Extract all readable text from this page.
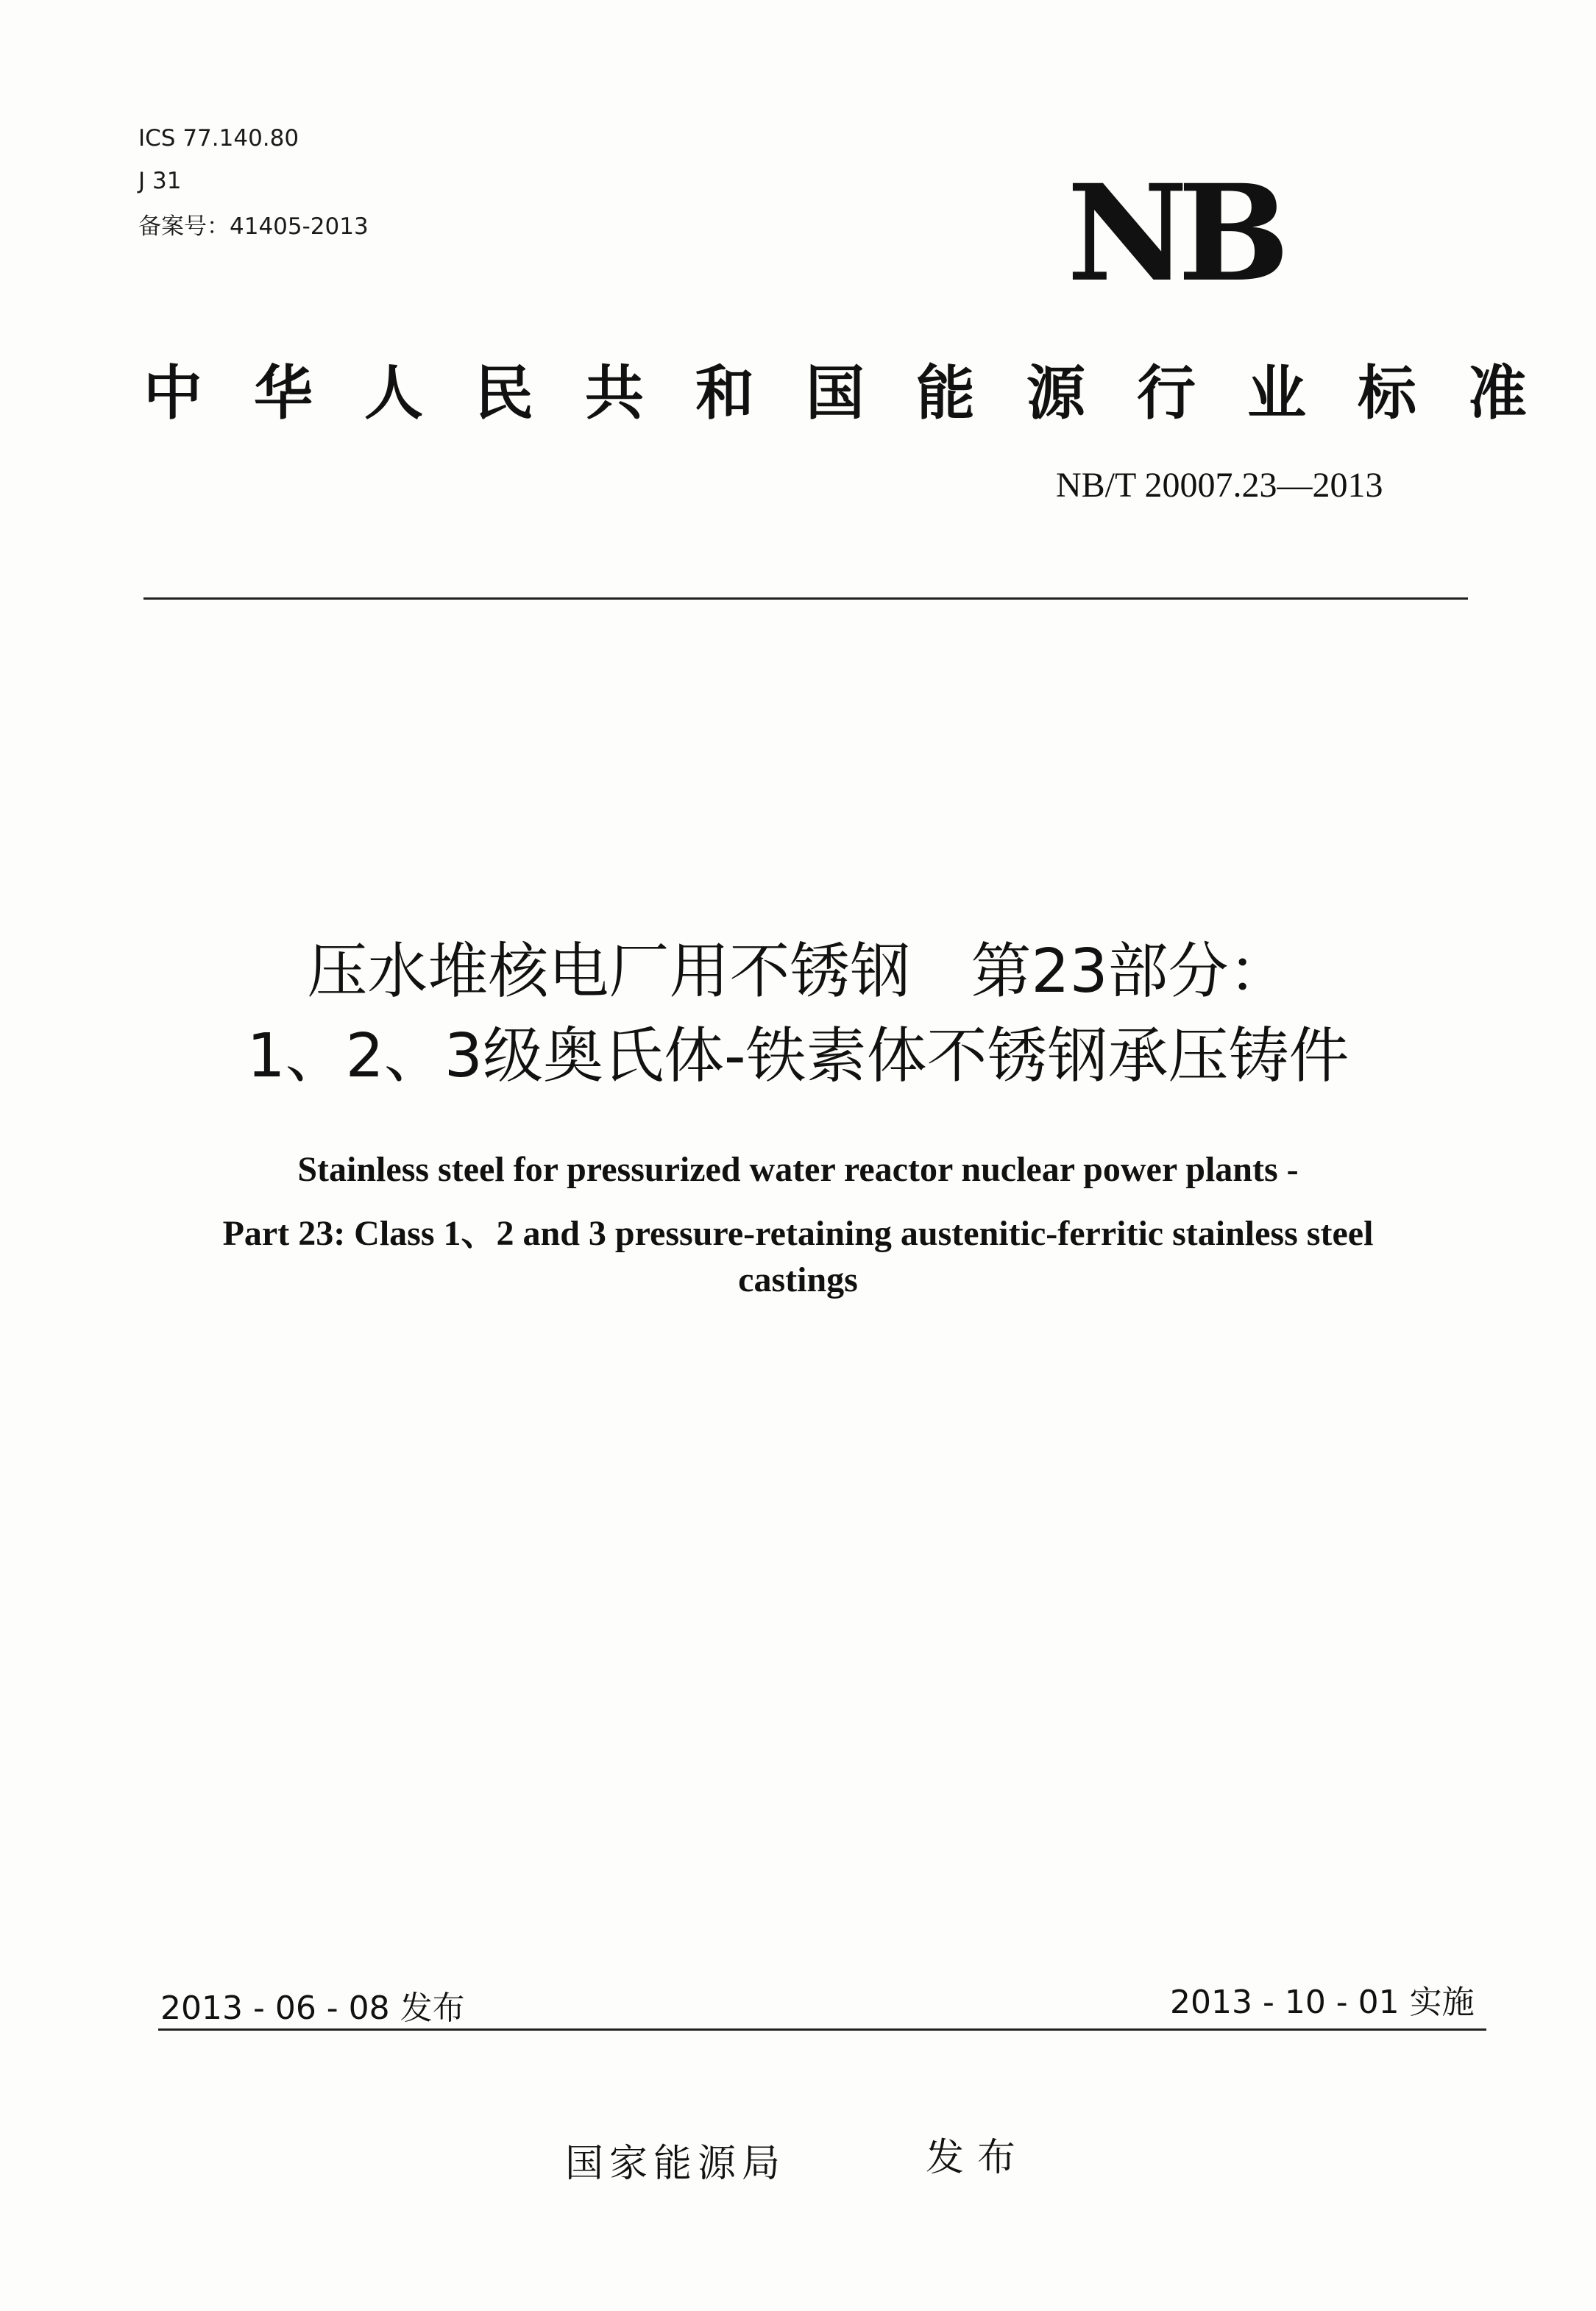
ICS 77.140.80
J 31
备案号：41405-2013	NB
中华人民共和国能源行业标准
NB/T 20007.23—2013
压水堆核电厂用不锈钢　第23部分：
1、2、3级奥氏体-铁素体不锈钢承压铸件
Stainless steel for pressurized water reactor nuclear power plants -
Part 23: Class 1、2 and 3 pressure-retaining austenitic-ferritic stainless steel
castings
2013 - 06 - 08 发布	2013 - 10 - 01 实施
国家能源局	发布
